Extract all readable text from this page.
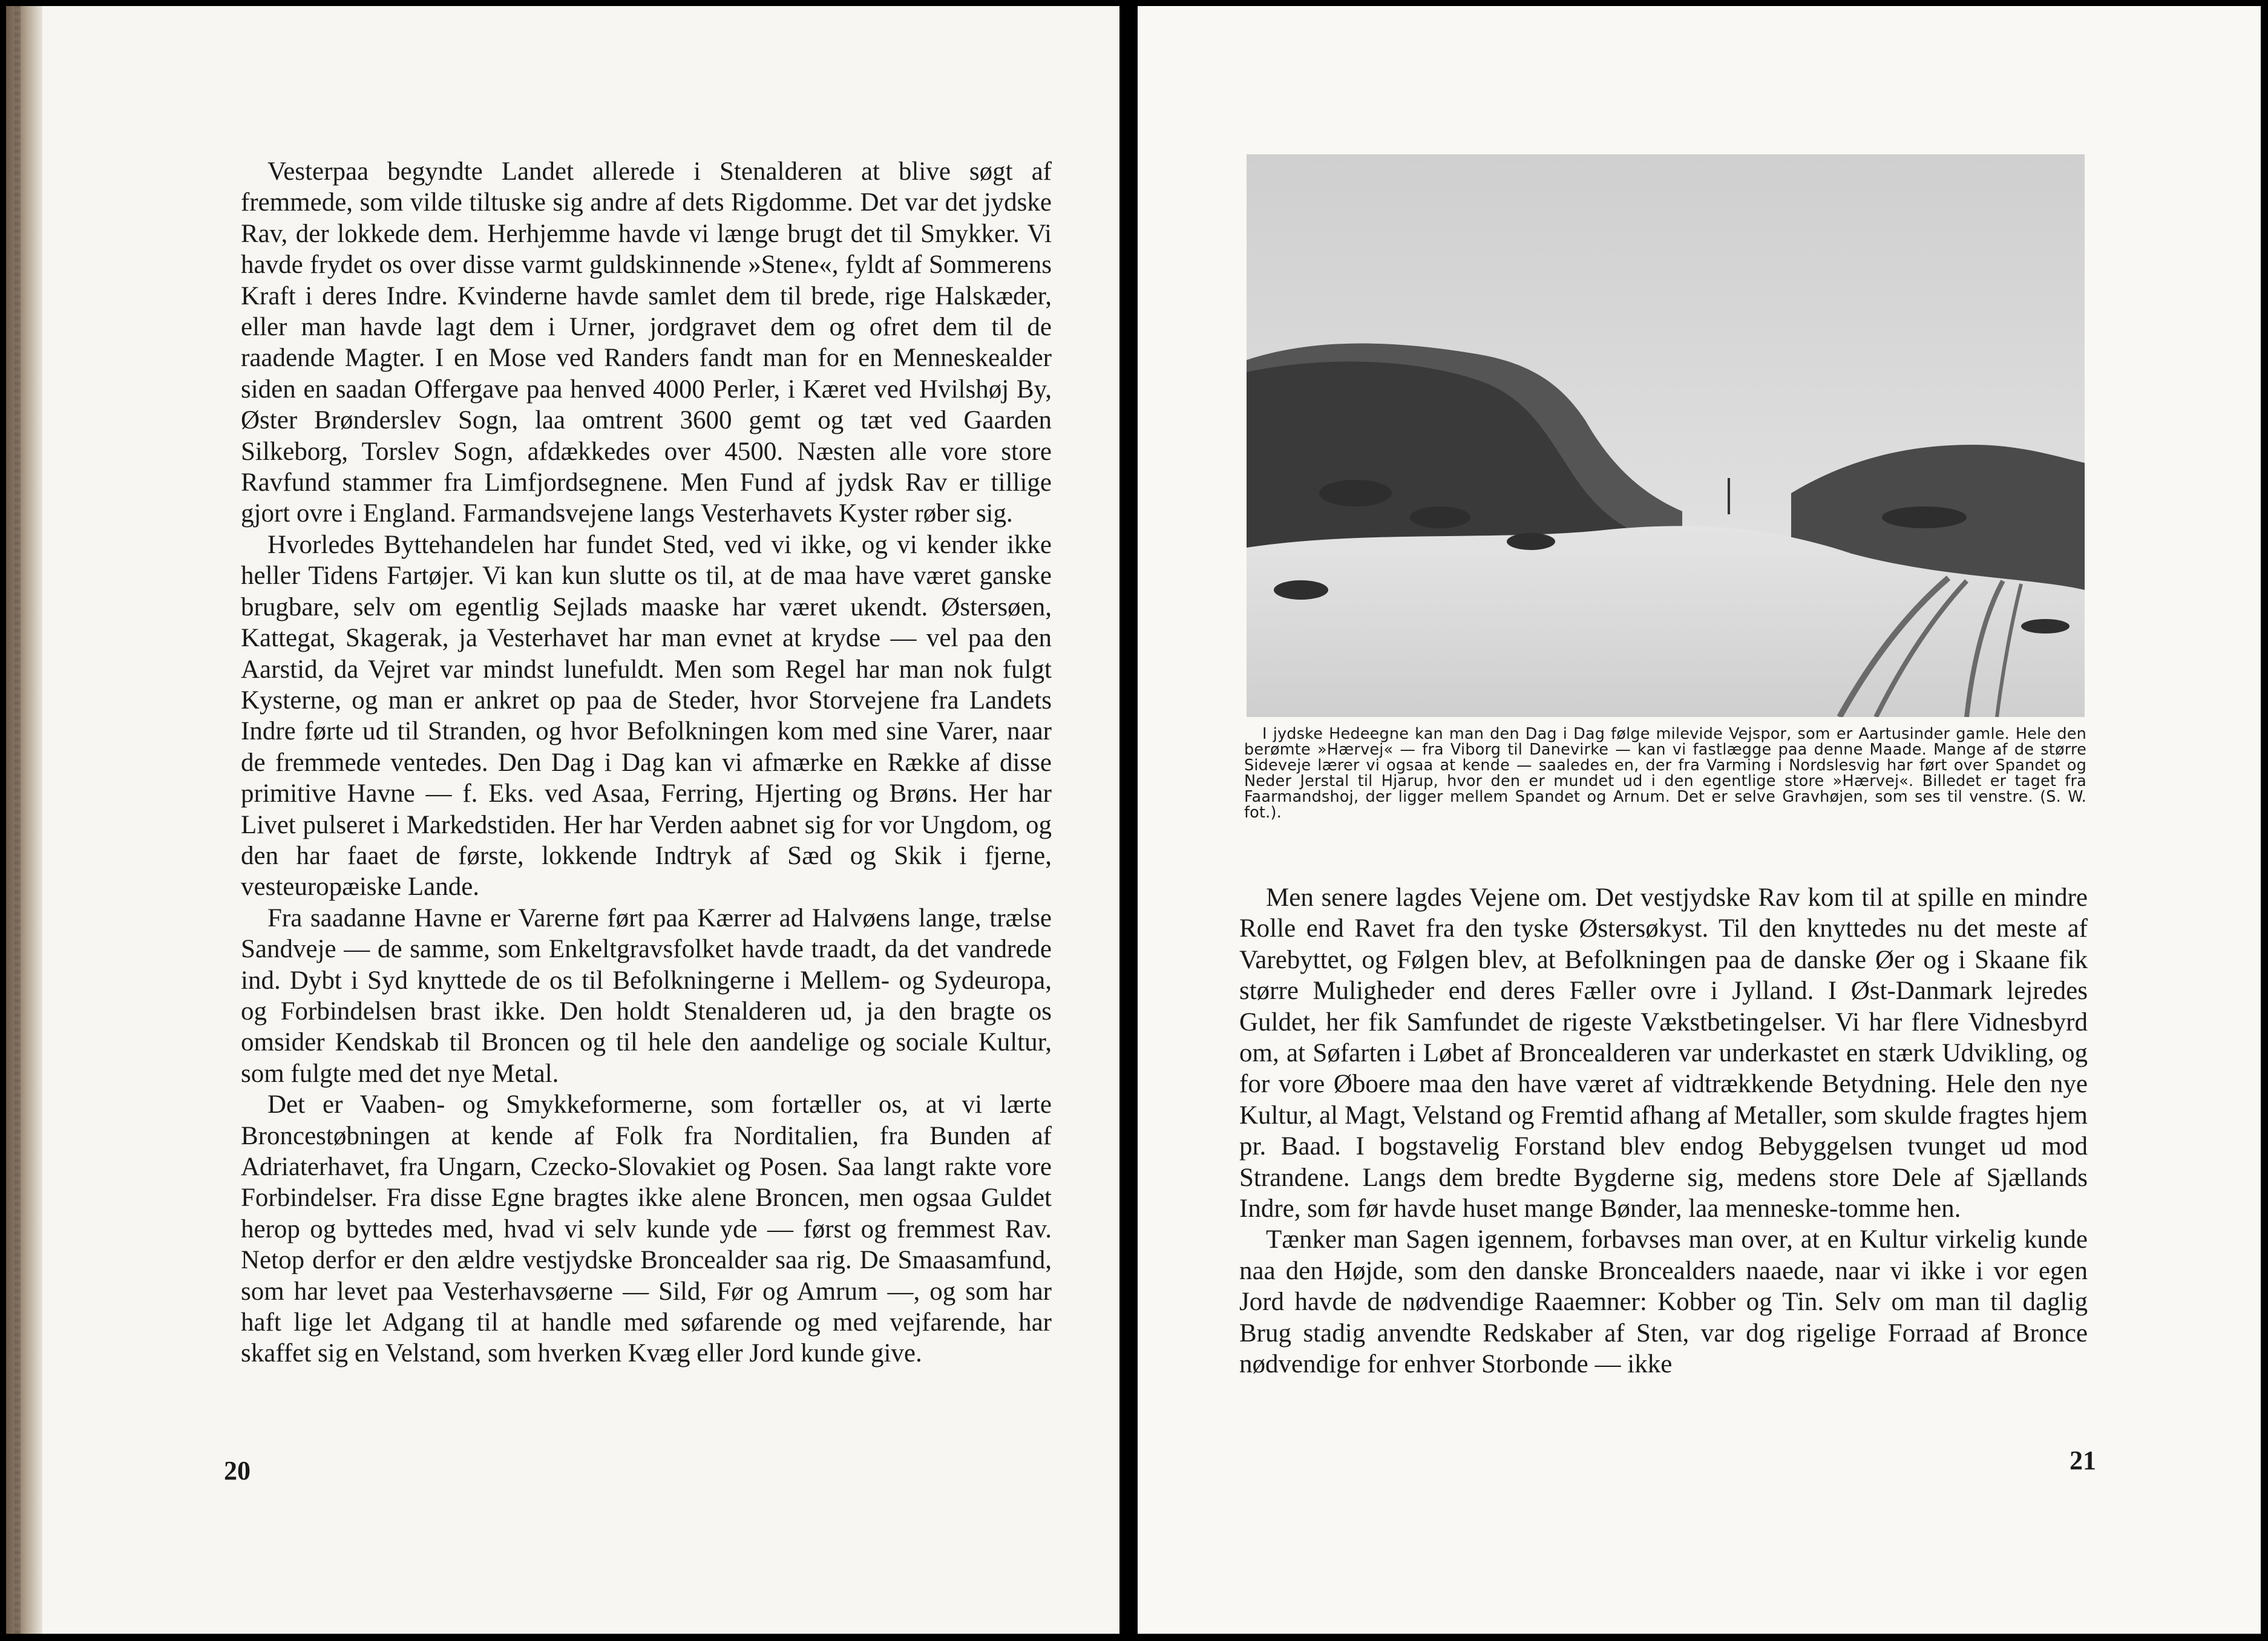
Vesterpaa begyndte Landet allerede i Stenalderen at blive søgt af fremmede, som vilde tiltuske sig andre af dets Rigdomme. Det var det jydske Rav, der lokkede dem. Herhjemme havde vi længe brugt det til Smykker. Vi havde frydet os over disse varmt guldskinnende »Stene«, fyldt af Sommerens Kraft i deres Indre. Kvinderne havde samlet dem til brede, rige Halskæder, eller man havde lagt dem i Urner, jordgravet dem og ofret dem til de raadende Magter. I en Mose ved Randers fandt man for en Menneskealder siden en saadan Offergave paa henved 4000 Perler, i Kæret ved Hvilshøj By, Øster Brønderslev Sogn, laa omtrent 3600 gemt og tæt ved Gaarden Silkeborg, Torslev Sogn, afdækkedes over 4500. Næsten alle vore store Ravfund stammer fra Limfjordsegnene. Men Fund af jydsk Rav er tillige gjort ovre i England. Farmandsvejene langs Vesterhavets Kyster røber sig.

Hvorledes Byttehandelen har fundet Sted, ved vi ikke, og vi kender ikke heller Tidens Fartøjer. Vi kan kun slutte os til, at de maa have været ganske brugbare, selv om egentlig Sejlads maaske har været ukendt. Østersøen, Kattegat, Skagerak, ja Vesterhavet har man evnet at krydse — vel paa den Aarstid, da Vejret var mindst lunefuldt. Men som Regel har man nok fulgt Kysterne, og man er ankret op paa de Steder, hvor Storvejene fra Landets Indre førte ud til Stranden, og hvor Befolkningen kom med sine Varer, naar de fremmede ventedes. Den Dag i Dag kan vi afmærke en Række af disse primitive Havne — f. Eks. ved Asaa, Ferring, Hjerting og Brøns. Her har Livet pulseret i Markedstiden. Her har Verden aabnet sig for vor Ungdom, og den har faaet de første, lokkende Indtryk af Sæd og Skik i fjerne, vesteuropæiske Lande.

Fra saadanne Havne er Varerne ført paa Kærrer ad Halvøens lange, trælse Sandveje — de samme, som Enkeltgravsfolket havde traadt, da det vandrede ind. Dybt i Syd knyttede de os til Befolkningerne i Mellem- og Sydeuropa, og Forbindelsen brast ikke. Den holdt Stenalderen ud, ja den bragte os omsider Kendskab til Broncen og til hele den aandelige og sociale Kultur, som fulgte med det nye Metal.

Det er Vaaben- og Smykkeformerne, som fortæller os, at vi lærte Broncestøbningen at kende af Folk fra Norditalien, fra Bunden af Adriaterhavet, fra Ungarn, Czecko-Slovakiet og Posen. Saa langt rakte vore Forbindelser. Fra disse Egne bragtes ikke alene Broncen, men ogsaa Guldet herop og byttedes med, hvad vi selv kunde yde — først og fremmest Rav. Netop derfor er den ældre vestjydske Broncealder saa rig. De Smaasamfund, som har levet paa Vesterhavsøerne — Sild, Før og Amrum —, og som har haft lige let Adgang til at handle med søfarende og med vejfarende, har skaffet sig en Velstand, som hverken Kvæg eller Jord kunde give.

20

I jydske Hedeegne kan man den Dag i Dag følge milevide Vejspor, som er Aartusinder gamle. Hele den berømte »Hærvej« — fra Viborg til Danevirke — kan vi fastlægge paa denne Maade. Mange af de større Sideveje lærer vi ogsaa at kende — saaledes en, der fra Varming i Nordslesvig har ført over Spandet og Neder Jerstal til Hjarup, hvor den er mundet ud i den egentlige store »Hærvej«. Billedet er taget fra Faarmandshoj, der ligger mellem Spandet og Arnum. Det er selve Gravhøjen, som ses til venstre. (S. W. fot.).

Men senere lagdes Vejene om. Det vestjydske Rav kom til at spille en mindre Rolle end Ravet fra den tyske Østersøkyst. Til den knyttedes nu det meste af Varebyttet, og Følgen blev, at Befolkningen paa de danske Øer og i Skaane fik større Muligheder end deres Fæller ovre i Jylland. I Øst-Danmark lejredes Guldet, her fik Samfundet de rigeste Vækstbetingelser. Vi har flere Vidnesbyrd om, at Søfarten i Løbet af Broncealderen var underkastet en stærk Udvikling, og for vore Øboere maa den have været af vidtrækkende Betydning. Hele den nye Kultur, al Magt, Velstand og Fremtid afhang af Metaller, som skulde fragtes hjem pr. Baad. I bogstavelig Forstand blev endog Bebyggelsen tvunget ud mod Strandene. Langs dem bredte Bygderne sig, medens store Dele af Sjællands Indre, som før havde huset mange Bønder, laa menneske-tomme hen.

Tænker man Sagen igennem, forbavses man over, at en Kultur virkelig kunde naa den Højde, som den danske Broncealders naaede, naar vi ikke i vor egen Jord havde de nødvendige Raaemner: Kobber og Tin. Selv om man til daglig Brug stadig anvendte Redskaber af Sten, var dog rigelige Forraad af Bronce nødvendige for enhver Storbonde — ikke

21
